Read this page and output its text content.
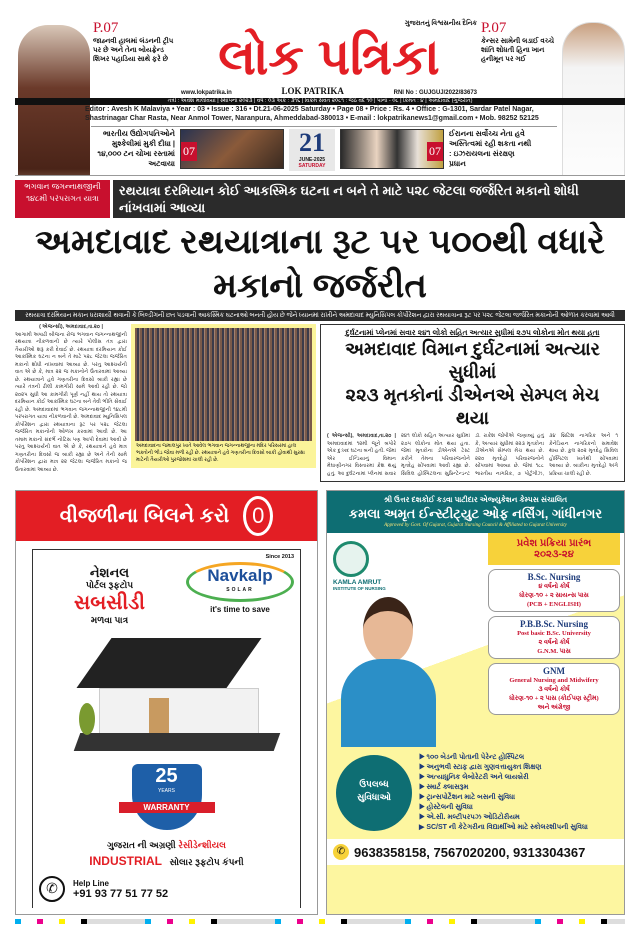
P.07
જાહ્નવી હાલમાં લંડનની ટ્રીપ પર છે અને તેના બોયફ્રેન્ડ શિખર પહાડિયા સાથે ફરે છે
ગુજરાતનું વિશ્વસનીય દૈનિક
લોક પત્રિકા
www.lokpatrika.in	LOK PATRIKA	RNI No : GUJGUJ/2022/83673
P.07
કેન્સર સામેની લડાઈ વચ્ચે શાંતિ શોધતી હિના ખાન હનીમૂન પર ગઈ
તંત્રી : અવેશ માલવિયા | સ્થાપના ૨૦૨૩ | વર્ષ : ૦૩ અંક : ૩૧૬ | વિક્રમ સંવત ૨૦૮૧ : જેઠ વદ ૧૦ | પાના - ૦૮ | કિંમત : ૪ | અમદાવાદ (ગુજરાત)
Editor : Avesh K Malaviya • Year : 03 • Issue : 316 • Dt.21-06-2025 Saturday • Page 08 • Price : Rs. 4 • Office : G-1301, Sardar Patel Nagar,
Shastrinagar Char Rasta, Near Anmol Tower, Naranpura, Ahmeddabad-380013 • E-mail : lokpatrikanews1@gmail.com • Mob. 98252 52125
ભારતીય ઉદ્યોગપતિઓને મુશ્કેલીમાં મુકી દીધા | ૧૪,૦૦૦ ટન ચોખા રસ્તામાં અટવાયા
07	21
JUNE-2025
SATURDAY
07
ઈરાનના સર્વોચ્ચ નેતા હવે અસ્તિત્વમાં રહી શકતા નથી : ઇઝરાયલના સંરક્ષણ પ્રધાન
ભગવાન જગન્નાથજીની
૧૪૮મી પરંપરાગત યાત્રા
રથયાત્રા દરમિયાન કોઈ આકસ્મિક ઘટના ન બને તે માટે ૫૨૮ જેટલા જર્જરિત મકાનો શોધી નાંખવામાં આવ્યા
અમદાવાદ રથયાત્રાના રૂટ પર ૫૦૦થી વધારે મકાનો જર્જરીત
રથયાત્રા દરમિયાન મકાન ધરાશાયી થવાની કે બિલ્ડીંગની છત પડવાની આકસ્મિક ઘટનાઓ બનતી હોય છે જેને ધ્યાનમાં રાખીને અમદાવાદ મ્યુનિસિપલ કોર્પોરેશન દ્વારા રથયાત્રાના રૂટ પર ૫૨૮ જેટલા જર્જરિત મકાનોની ઓળખ કરવામાં આવી
( એજન્સી), અમદાવાદ,તા.૨૦ |
આગામી અષાઢી બીજના રોજ ભગવાન જગન્નાથજીની રથયાત્રા નીકળવાની છે ત્યારે પોલીસ તંત્ર દ્વારા તૈયારીઓ શરૂ કરી દેવાઈ છે. રથયાત્રા દરમિયાન કોઈ આકસ્મિક ઘટના ન બને તે માટે ૫૨૮ જેટલા જર્જરિત મકાનો શોધી નાંખવામાં આવ્યા છે. પરંતુ આશ્ચર્યની વાત એ છે કે, માત્ર ૨૨ જ મકાનોને ઉતારવામાં આવ્યા છે. રથયાત્રાને હવે ગણતરીના દિવસો બાકી રહ્યા છે ત્યારે તંત્રની ઢીલી કામગીરી સામે આવી રહી છે. જો ૨૦૨૫ સુધી આ કામગીરી પૂર્ણ નહીં થાય તો રથયાત્રા દરમિયાન કોઈ આકસ્મિક ઘટના બને તેવી ભીતિ સેવાઈ રહી છે. અમદાવાદમાં ભગવાન જગન્નાથજીની ૧૪૮મી પરંપરાગત યાત્રા નીકળવાની છે. અમદાવાદ મ્યુનિસિપલ કોર્પોરેશન દ્વારા રથયાત્રાના રૂટ પર ૫૨૮ જેટલા જર્જરિત મકાનોની ઓળખ કરવામાં આવી છે. આ તમામ મકાનો સંદર્ભે નોટિસ પણ આપી દેવામાં આવી છે પરંતુ આશ્ચર્યની વાત એ છે કે, રથયાત્રાને હવે માત્ર ગણતરીના દિવસો જ બાકી રહ્યા છે અને તેની સામે કોર્પોરેશન દ્વારા માત્ર ૨૨ જેટલા જર્જરિત મકાનો જ ઉતારવામાં આવ્યા છે.
અમદાવાદના જમાલપુર ખાતે આવેલ ભગવાન જગન્નાથજીના મંદિર પરિસરમાં હાલ ભક્તોની ભીડ જોવા મળી રહી છે. રથયાત્રાને હવે ગણતરીના દિવસો બાકી હોવાથી સુરક્ષા માટેની તૈયારીઓ પુરજોશમાં ચાલી રહી છે.
દુર્ઘટનામાં પ્લેનમાં સવાર ૨૪૧ લોકો સહિત અત્યાર સુધીમાં ૨૭૫ લોકોના મોત થયા હતા
અમદાવાદ વિમાન દુર્ઘટનામાં અત્યાર સુધીમાં
૨૨૩ મૃતકોનાં ડીએનએ સેમ્પલ મેચ થયા
( એજન્સી), અમદાવાદ,તા.૨૦ | અમદાવાદમાં ૧૨મી જૂને બપોરે એક દુઃખદ ઘટના બની હતી. જેમાં એર ઈન્ડિયાનું વિમાન મેઘાણીનગર વિસ્તારમાં ક્રેશ થયું હતું. આ દુર્ઘટનામાં પ્લેનમાં સવાર ૨૪૧ લોકો સહિત અત્યાર સુધીમાં ૨૭૫ લોકોના મોત થયા હતા. જેમાં મૃતકોના ડીએનએ ટેસ્ટ કરીને તેમના પરિવારજનોને મૃતદેહ સોંપવામાં આવી રહ્યા છે. સિવિલ હોસ્પિટલના સુપ્રિન્ટેન્ડન્ટ ડૉ. રાકેશ જોષીએ જણાવ્યું હતું કે, અત્યાર સુધીમાં ૨૨૩ મૃતકોના ડીએનએ સેમ્પલ મેચ થયા છે. ૨૨૦ મૃતદેહો પરિવારજનોને સોંપવામાં આવ્યા છે. જેમાં ૧૮૮ ભારતીય નાગરિક, ૭ પોર્ટુગીઝ, ૩૪ બ્રિટિશ નાગરિક અને ૧ કેનેડિયન નાગરિકનો સમાવેશ થાય છે. કુલ ૨૦૨ મૃતદેહ સિવિલ હોસ્પિટલ ખાતેથી સોંપવામાં આવ્યા છે. બાકીના મૃતદેહો અંગે પ્રક્રિયા ચાલી રહી છે.
વીજળીના બિલને કરો	0
નેશનલ
પોર્ટલ રૂફટોપ
સબસીડી
મળવા પાત્ર
Since 2013
Navkalp
SOLAR
it's time to save
25
YEARS
WARRANTY
ગુજરાત ની અગ્રણી રેસીડેન્શીયલ
INDUSTRIAL સોલાર રૂફટોપ કંપની
✆	Help Line
+91 93 77 51 77 52
શ્રી ઉત્તર દશકોઈ કડવા પાટીદાર એજ્યુકેશન કેમ્પસ સંચાલિત
કમલા અમૃત ઈન્સ્ટીટ્યુટ ઓફ નર્સિંગ, ગાંધીનગર
Approved by Govt. Of Gujarat, Gujarat Nursing Council & Affiliated to Gujarat University
KAMLA AMRUT
INSTITUTE OF NURSING
પ્રવેશ પ્રક્રિયા પ્રારંભ
૨૦૨૩-૨૪
B.Sc. Nursing
૪ વર્ષનો કોર્ષ
ધોરણ-૧૦ + ૨ સાયન્સ પાસ
(PCB + ENGLISH)
P.B.B.Sc. Nursing
Post basic B.Sc. University
૨ વર્ષનો કોર્ષ
G.N.M. પાસ
GNM
General Nursing and Midwifery
૩ વર્ષનો કોર્ષ
ધોરણ-૧૦ + ૨ પાસ (કોઈપણ સ્ટ્રીમ)
અને અંગ્રેજી
ઉપલબ્ધ
સુવિધાઓ
▶ ૧૦૦ બેડની પોતાની પેરેન્ટ હોસ્પિટલ
▶ અનુભવી સ્ટાફ દ્વારા ગુણવત્તાયુક્ત શિક્ષણ
▶ અત્યાધુનિક લેબોરેટરી અને લાયબ્રેરી
▶ સ્માર્ટ ક્લાસરૂમ
▶ ટ્રાન્સપોર્ટેશન માટે બસની સુવિધા
▶ હોસ્ટેલની સુવિધા
▶ એ.સી. મલ્ટીપરપઝ ઓડિટોરીયમ
▶ SC/ST ની કેટેગરીના વિદ્યાર્થીઓ માટે સ્કોલરશીપની સુવિધા
✆ 9638358158, 7567020200, 9313304367
